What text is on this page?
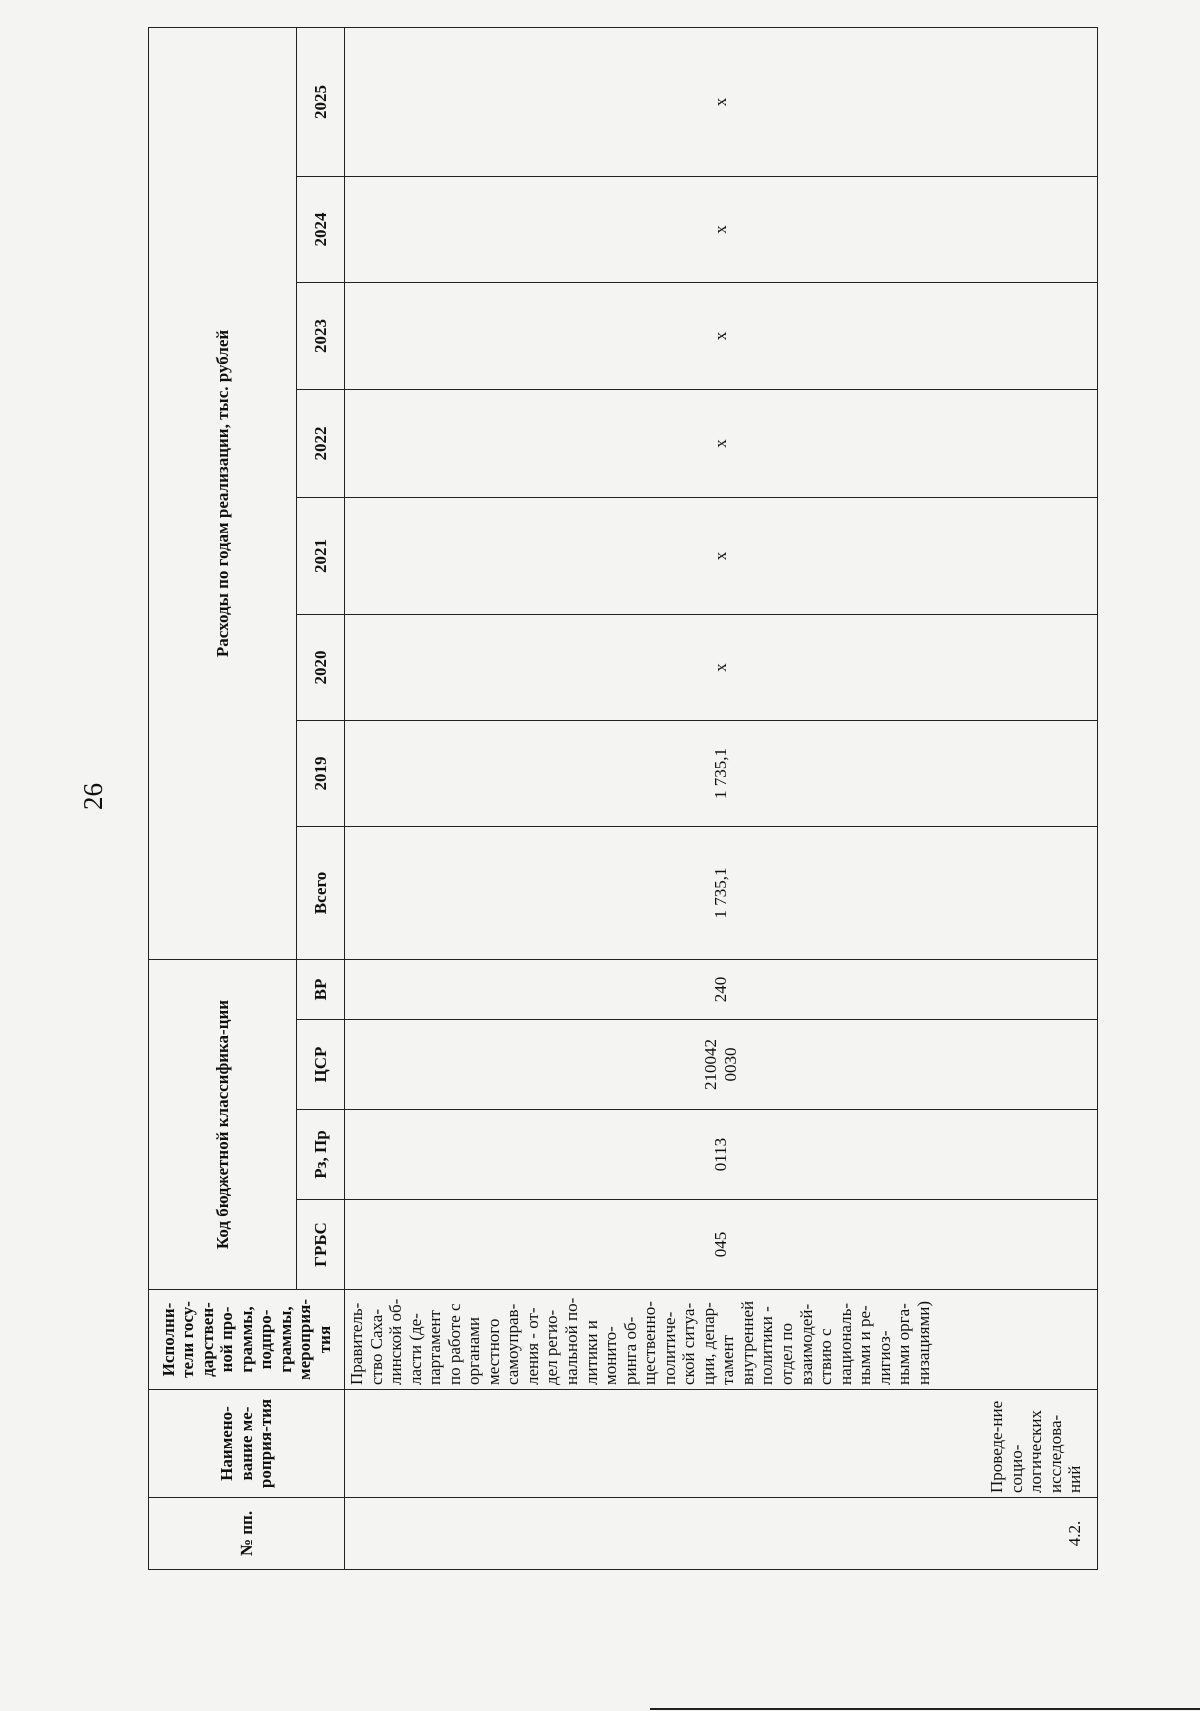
26
№ пп.	Наимено-вание ме-роприя-тия	Исполни-тели госу-дарствен-ной про-граммы, подпро-граммы, мероприя-тия	Код бюджетной классифика-ции				Расходы по годам реализации, тыс. рублей							
			ГРБС	Рз, Пр	ЦСР	ВР	Всего	2019	2020	2021	2022	2023	2024	2025
4.2.	Проведе-ние социо-логических исследова-ний	Правитель-ство Саха-линской об-ласти (де-партамент по работе с органами местного самоуправ-ления - от-дел регио-нальной по-литики и монито-ринга об-щественно-политиче-ской ситуа-ции, депар-тамент внутренней политики - отдел по взаимодей-ствию с националь-ными и ре-лигиоз-ными орга-низациями)	045	0113	210042 0030	240	1 735,1	1 735,1	x	x	x	x	x	x
